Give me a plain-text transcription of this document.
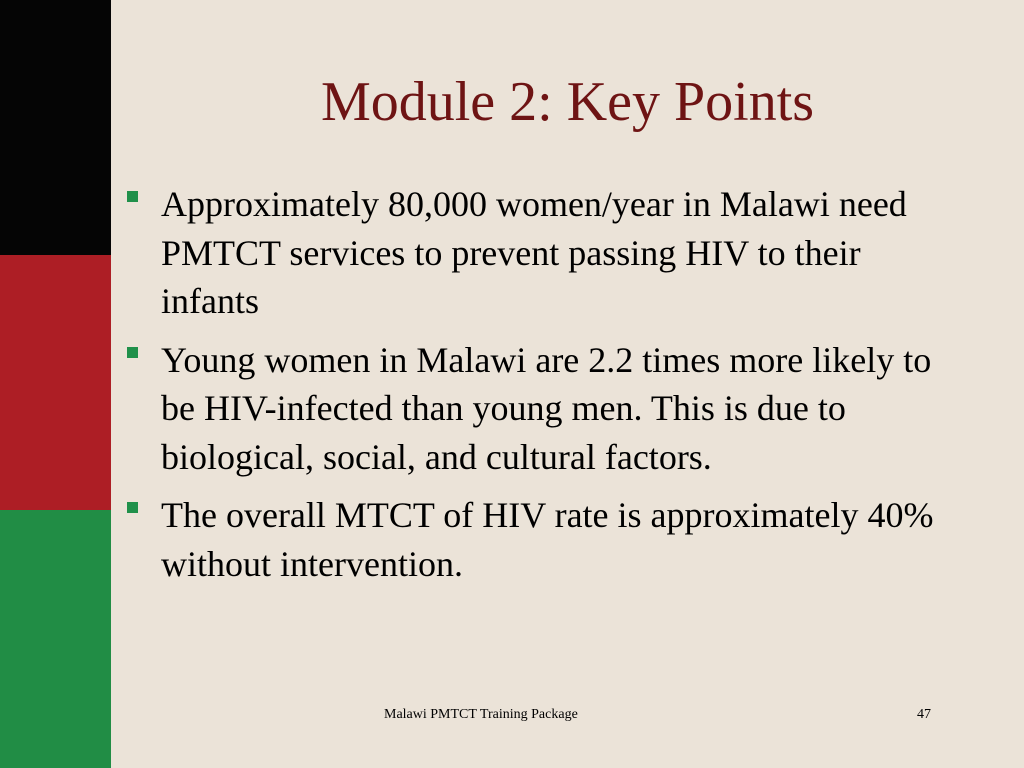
Module 2: Key Points
Approximately 80,000 women/year in Malawi need PMTCT services to prevent passing HIV to their infants
Young women in Malawi are 2.2 times more likely to be HIV-infected than young men. This is due to biological, social, and cultural factors.
The overall MTCT of HIV rate is approximately 40% without intervention.
Malawi PMTCT Training Package	47
